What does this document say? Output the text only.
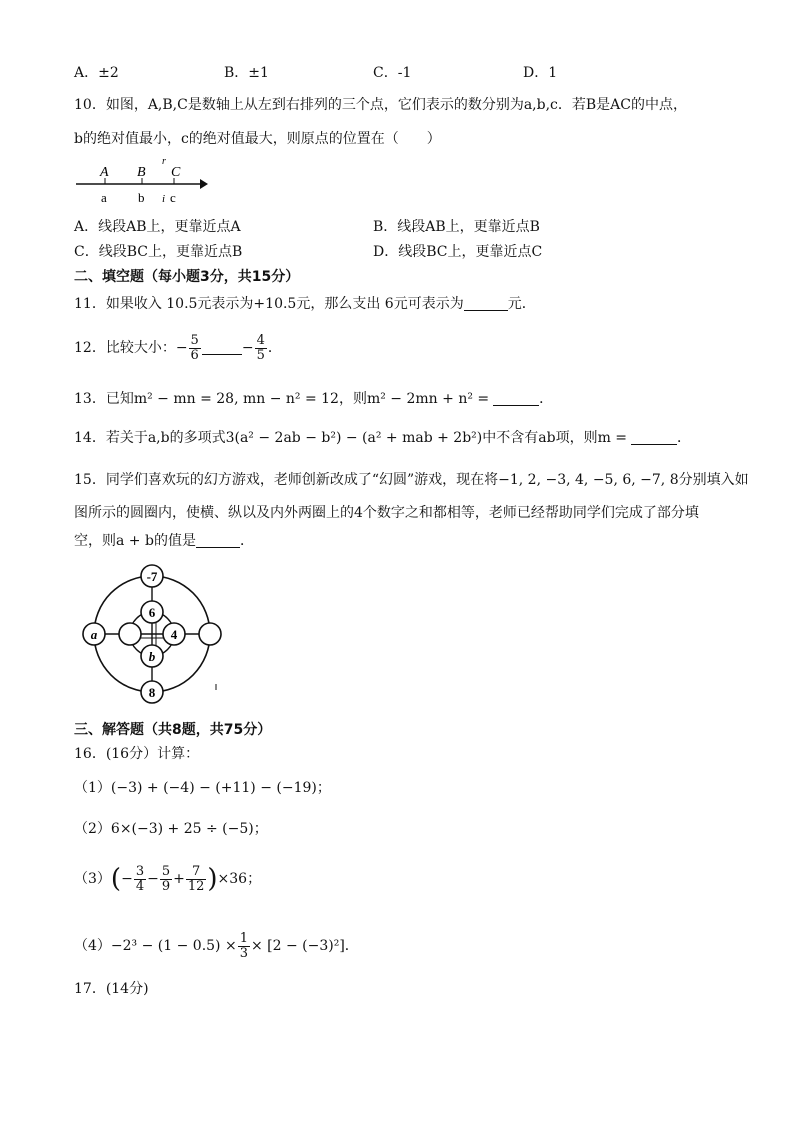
A．±2	B．±1	C．-1	D．1
10．如图，A,B,C是数轴上从左到右排列的三个点，它们表示的数分别为a,b,c．若B是AC的中点，
b的绝对值最小，c的绝对值最大，则原点的位置在（　　）
A B C
r
a b i c
A．线段AB上，更靠近点A	B．线段AB上，更靠近点B
C．线段BC上，更靠近点B	D．线段BC上，更靠近点C
二、填空题（每小题3分，共15分）
11．如果收入 10.5元表示为+10.5元，那么支出 6元可表示为	元．
12．比较大小：− $\frac{5}{6}$	− $\frac{4}{5}$ ．
13．已知m² − mn = 28, mn − n² = 12，则m² − 2mn + n² =	．
14．若关于a,b的多项式3(a² − 2ab − b²) − (a² + mab + 2b²)中不含有ab项，则m =	．
15．同学们喜欢玩的幻方游戏，老师创新改成了“幻圆”游戏，现在将−1, 2, −3, 4, −5, 6, −7, 8分别填入如
图所示的圆圈内，使横、纵以及内外两圈上的4个数字之和都相等，老师已经帮助同学们完成了部分填
空，则a + b的值是	．
-7
6
4
b
8
a
三、解答题（共8题，共75分）
16．(16分）计算：
（1）(−3) + (−4) − (+11) − (−19)；
（2）6×(−3) + 25 ÷ (−5)；
$(3)(- \frac{3}{4} - \frac{5}{9} + \frac{7}{12} )\times 36$；
$(4)-2^3 - (1 - 0.5) \times \frac{1}{3} \times [2 - (-3)^2]$．
17．(14分)
